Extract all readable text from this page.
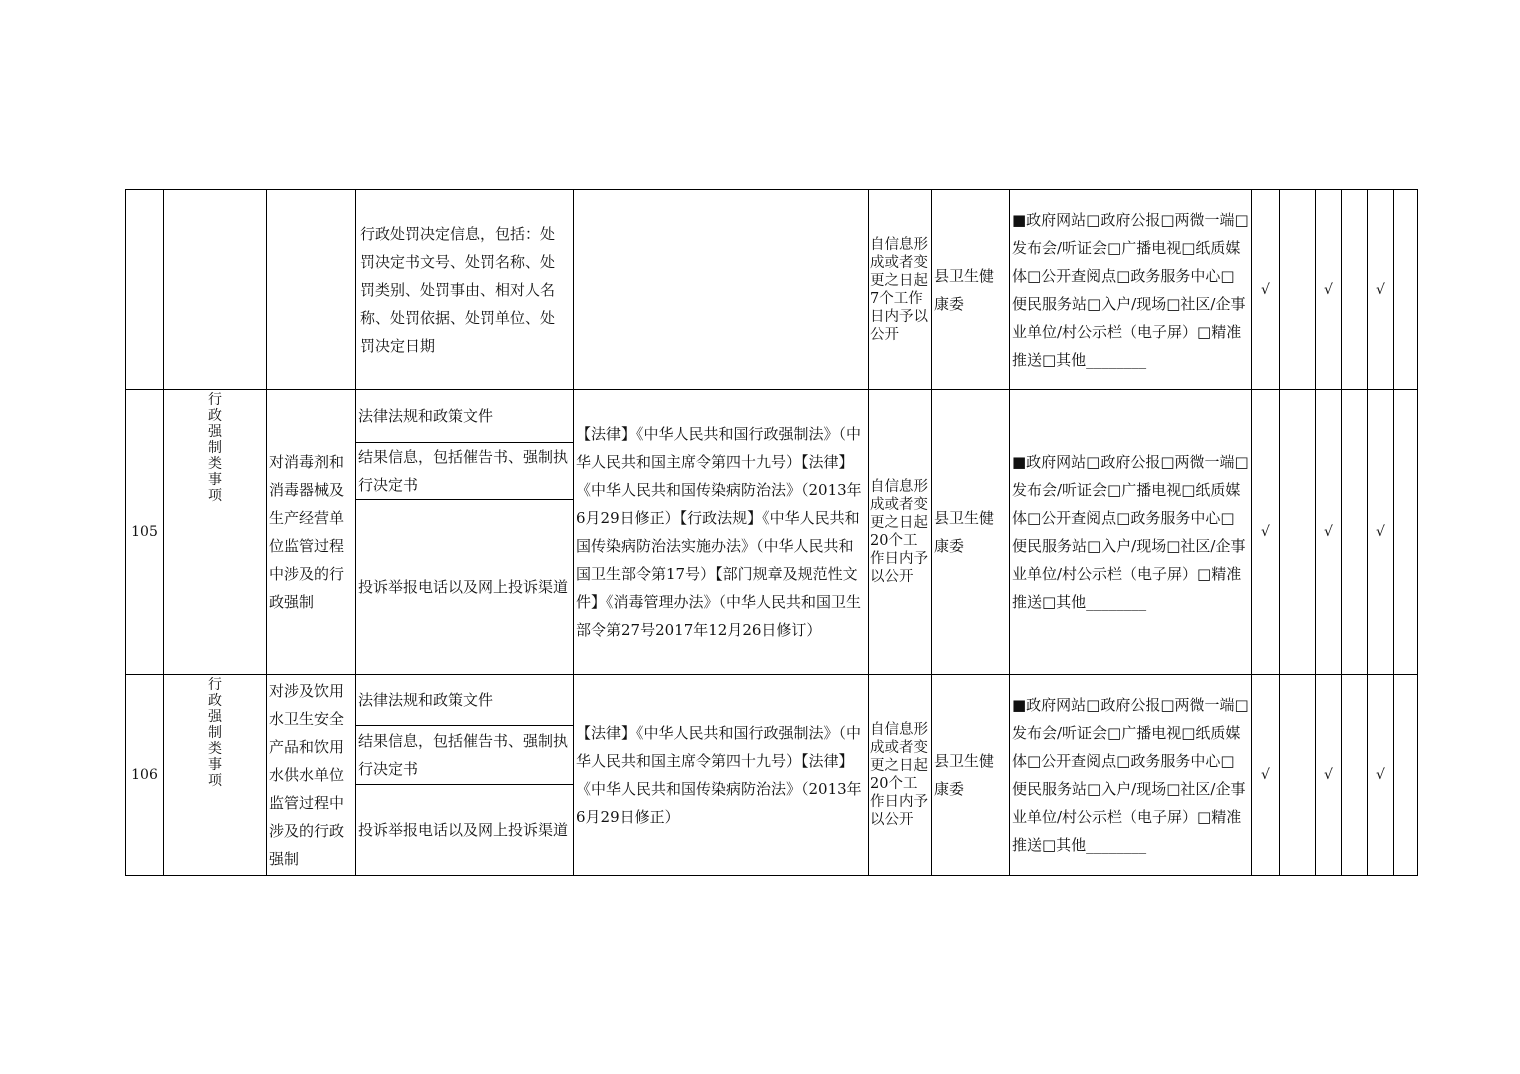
			行政处罚决定信息，包括：处罚决定书文号、处罚名称、处罚类别、处罚事由、相对人名称、处罚依据、处罚单位、处罚决定日期		自信息形成或者变更之日起7个工作日内予以公开	县卫生健康委	■政府网站□政府公报□两微一端□发布会/听证会□广播电视□纸质媒体□公开查阅点□政务服务中心□便民服务站□入户/现场□社区/企事业单位/村公示栏（电子屏）□精准推送□其他________	√		√		√	
105	行政强制类事项	对消毒剂和消毒器械及生产经营单位监管过程中涉及的行政强制	法律法规和政策文件
结果信息，包括催告书、强制执行决定书
投诉举报电话以及网上投诉渠道	【法律】《中华人民共和国行政强制法》（中华人民共和国主席令第四十九号）【法律】《中华人民共和国传染病防治法》（2013年6月29日修正）【行政法规】《中华人民共和国传染病防治法实施办法》（中华人民共和国卫生部令第17号）【部门规章及规范性文件】《消毒管理办法》（中华人民共和国卫生部令第27号2017年12月26日修订）	自信息形成或者变更之日起20个工作日内予以公开	县卫生健康委	■政府网站□政府公报□两微一端□发布会/听证会□广播电视□纸质媒体□公开查阅点□政务服务中心□便民服务站□入户/现场□社区/企事业单位/村公示栏（电子屏）□精准推送□其他________	√		√		√	
106	行政强制类事项	对涉及饮用水卫生安全产品和饮用水供水单位监管过程中涉及的行政强制	法律法规和政策文件
结果信息，包括催告书、强制执行决定书
投诉举报电话以及网上投诉渠道	【法律】《中华人民共和国行政强制法》（中华人民共和国主席令第四十九号）【法律】《中华人民共和国传染病防治法》（2013年6月29日修正）	自信息形成或者变更之日起20个工作日内予以公开	县卫生健康委	■政府网站□政府公报□两微一端□发布会/听证会□广播电视□纸质媒体□公开查阅点□政务服务中心□便民服务站□入户/现场□社区/企事业单位/村公示栏（电子屏）□精准推送□其他________	√		√		√	
